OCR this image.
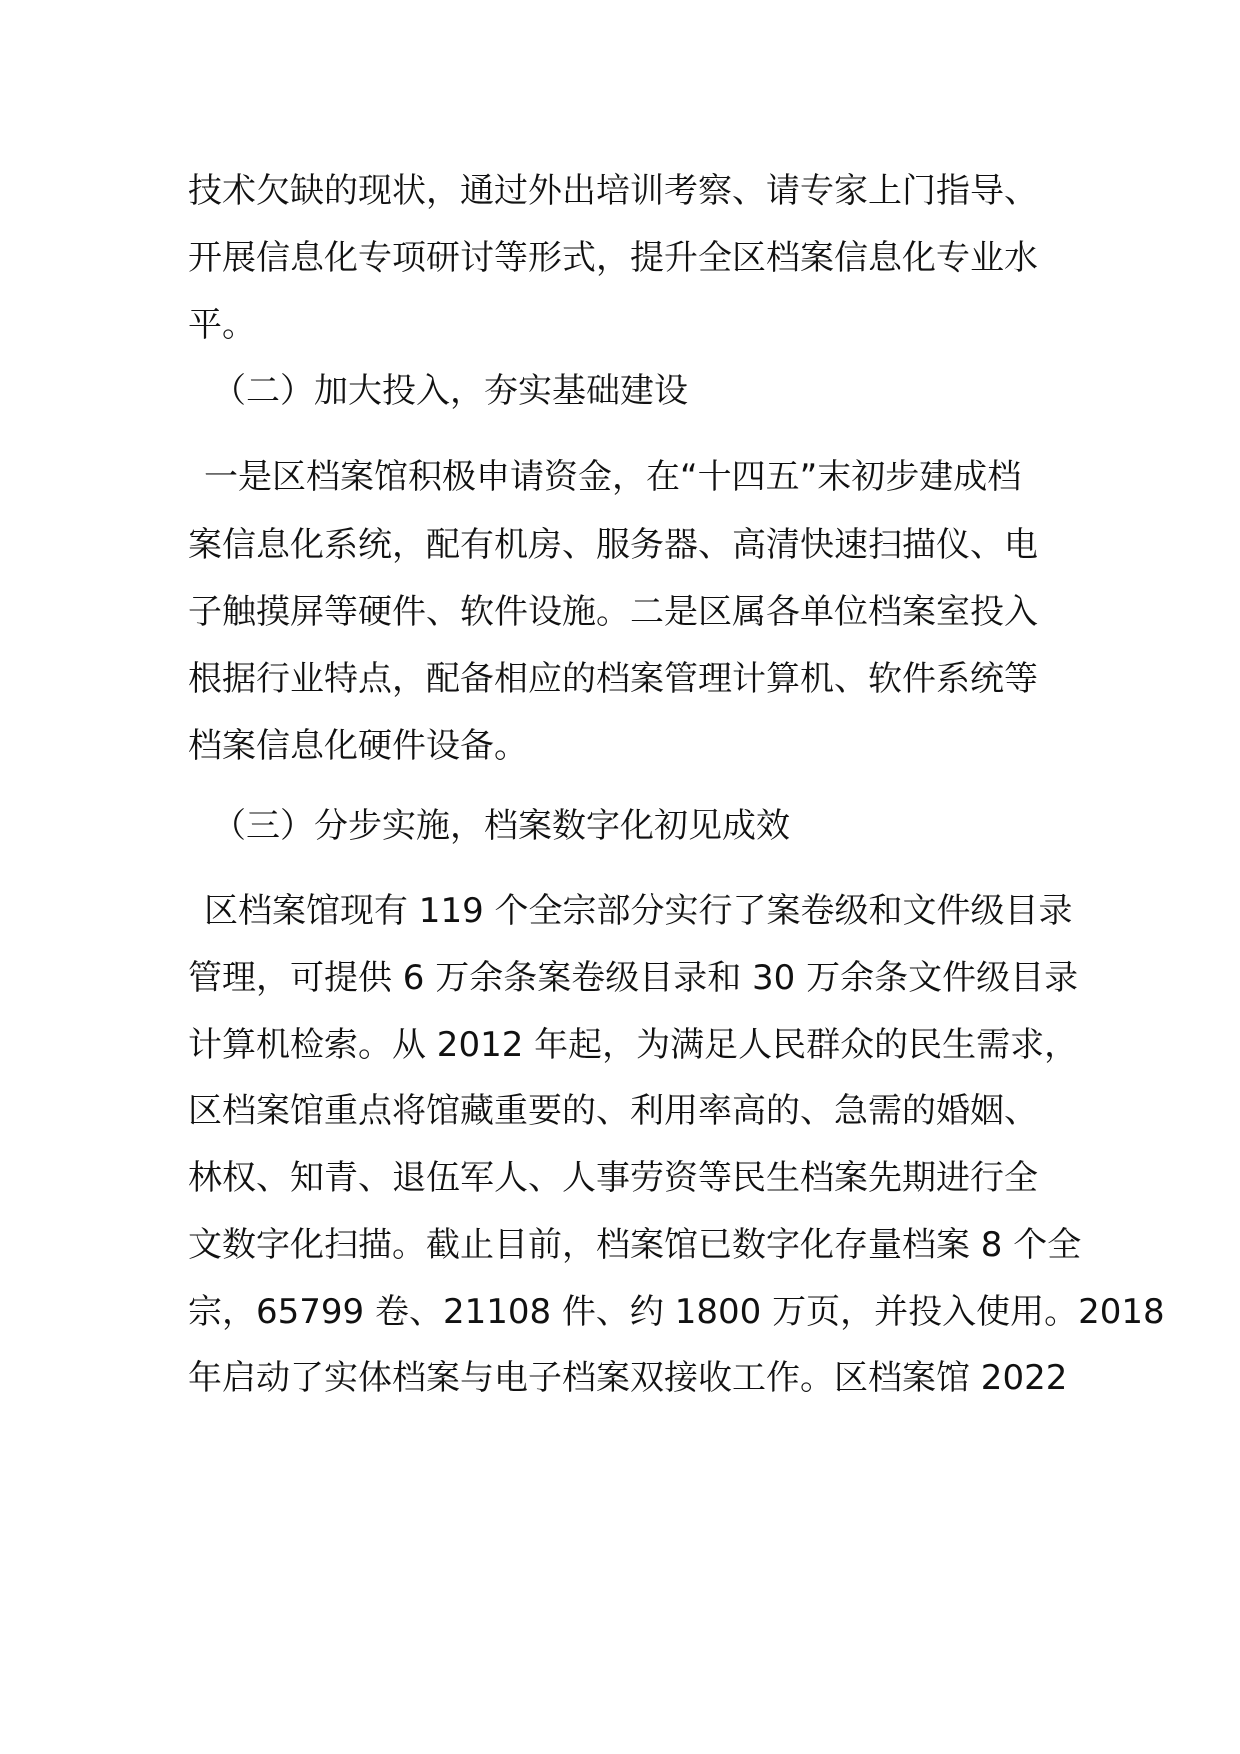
技术欠缺的现状，通过外出培训考察、请专家上门指导、

开展信息化专项研讨等形式，提升全区档案信息化专业水

平。

（二）加大投入，夯实基础建设

一是区档案馆积极申请资金，在“十四五”末初步建成档

案信息化系统，配有机房、服务器、高清快速扫描仪、电

子触摸屏等硬件、软件设施。二是区属各单位档案室投入

根据行业特点，配备相应的档案管理计算机、软件系统等

档案信息化硬件设备。

（三）分步实施，档案数字化初见成效

区档案馆现有 119 个全宗部分实行了案卷级和文件级目录

管理，可提供 6 万余条案卷级目录和 30 万余条文件级目录

计算机检索。从 2012 年起，为满足人民群众的民生需求，

区档案馆重点将馆藏重要的、利用率高的、急需的婚姻、

林权、知青、退伍军人、人事劳资等民生档案先期进行全

文数字化扫描。截止目前，档案馆已数字化存量档案 8 个全

宗，65799 卷、21108 件、约 1800 万页，并投入使用。2018

年启动了实体档案与电子档案双接收工作。区档案馆 2022
